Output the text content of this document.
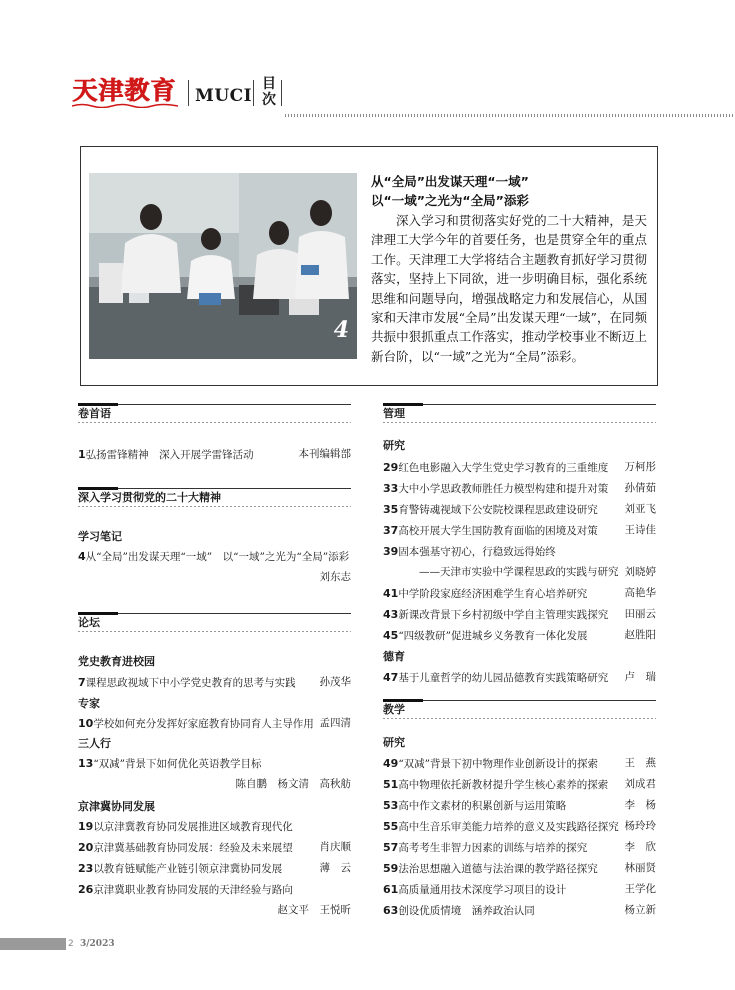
天津教育 MUCI
目
次
4
从“全局”出发谋天理“一域”
以“一域”之光为“全局”添彩
深入学习和贯彻落实好党的二十大精神，是天津理工大学今年的首要任务，也是贯穿全年的重点工作。天津理工大学将结合主题教育抓好学习贯彻落实，坚持上下同欲，进一步明确目标，强化系统思维和问题导向，增强战略定力和发展信心，从国家和天津市发展“全局”出发谋天理“一域”，在同频共振中狠抓重点工作落实，推动学校事业不断迈上新台阶，以“一域”之光为“全局”添彩。
卷首语
1弘扬雷锋精神　深入开展学雷锋活动	本刊编辑部
深入学习贯彻党的二十大精神
学习笔记
4从“全局”出发谋天理“一域”　以“一域”之光为“全局”添彩
刘东志
论坛
党史教育进校园
7课程思政视域下中小学党史教育的思考与实践 孙茂华
专家
10学校如何充分发挥好家庭教育协同育人主导作用 孟四清
三人行
13“双减”背景下如何优化英语教学目标
陈自鹏　杨文清　高秋舫
京津冀协同发展
19以京津冀教育协同发展推进区域教育现代化
20京津冀基础教育协同发展：经验及未来展望	肖庆顺
23以教育链赋能产业链引领京津冀协同发展	薄　云
26京津冀职业教育协同发展的天津经验与路向
赵文平　王悦昕
管理
研究
29红色电影融入大学生党史学习教育的三重维度 万柯彤
33大中小学思政教师胜任力模型构建和提升对策 孙倩茹
35育警铸魂视域下公安院校课程思政建设研究	刘亚飞
37高校开展大学生国防教育面临的困境及对策	王诗佳
39固本强基守初心，行稳致远得始终
——天津市实验中学课程思政的实践与研究 刘晓婷
41中学阶段家庭经济困难学生育心培养研究	高艳华
43新课改背景下乡村初级中学自主管理实践探究 田丽云
45“四级教研”促进城乡义务教育一体化发展	赵胜阳
德育
47基于儿童哲学的幼儿园品德教育实践策略研究 卢　瑞
教学
研究
49“双减”背景下初中物理作业创新设计的探索	王　燕
51高中物理依托新教材提升学生核心素养的探索 刘成君
53高中作文素材的积累创新与运用策略	李　杨
55高中生音乐审美能力培养的意义及实践路径探究 杨玲玲
57高考考生非智力因素的训练与培养的探究	李　欣
59法治思想融入道德与法治课的教学路径探究	林丽贤
61高质量通用技术深度学习项目的设计	王学化
63创设优质情境　涵养政治认同	杨立新
2 3/2023
